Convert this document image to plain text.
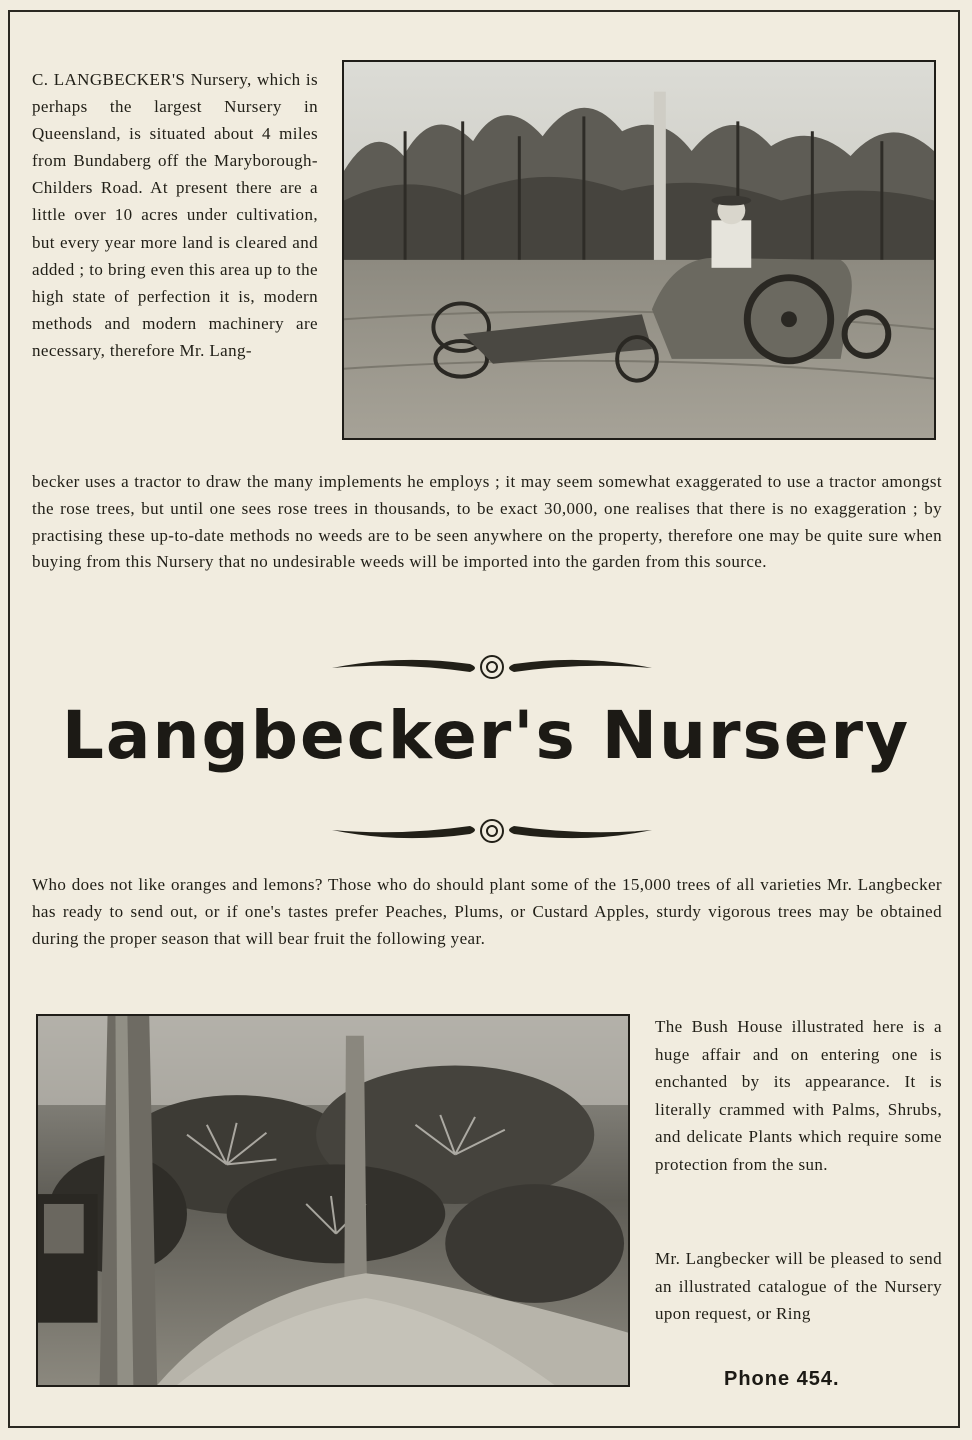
C. LANGBECKER'S Nursery, which is perhaps the largest Nursery in Queensland, is situated about 4 miles from Bundaberg off the Maryborough-Childers Road. At present there are a little over 10 acres under cultivation, but every year more land is cleared and added ; to bring even this area up to the high state of perfection it is, modern methods and modern machinery are necessary, therefore Mr. Lang-

becker uses a tractor to draw the many implements he employs ; it may seem somewhat exaggerated to use a tractor amongst the rose trees, but until one sees rose trees in thousands, to be exact 30,000, one realises that there is no exaggeration ; by practising these up-to-date methods no weeds are to be seen anywhere on the property, therefore one may be quite sure when buying from this Nursery that no undesirable weeds will be imported into the garden from this source.

Langbecker's Nursery

Who does not like oranges and lemons? Those who do should plant some of the 15,000 trees of all varieties Mr. Langbecker has ready to send out, or if one's tastes prefer Peaches, Plums, or Custard Apples, sturdy vigorous trees may be obtained during the proper season that will bear fruit the following year.

The Bush House illustrated here is a huge affair and on entering one is enchanted by its appearance. It is literally crammed with Palms, Shrubs, and delicate Plants which require some protection from the sun.

Mr. Langbecker will be pleased to send an illustrated catalogue of the Nursery upon request, or Ring

Phone 454.
